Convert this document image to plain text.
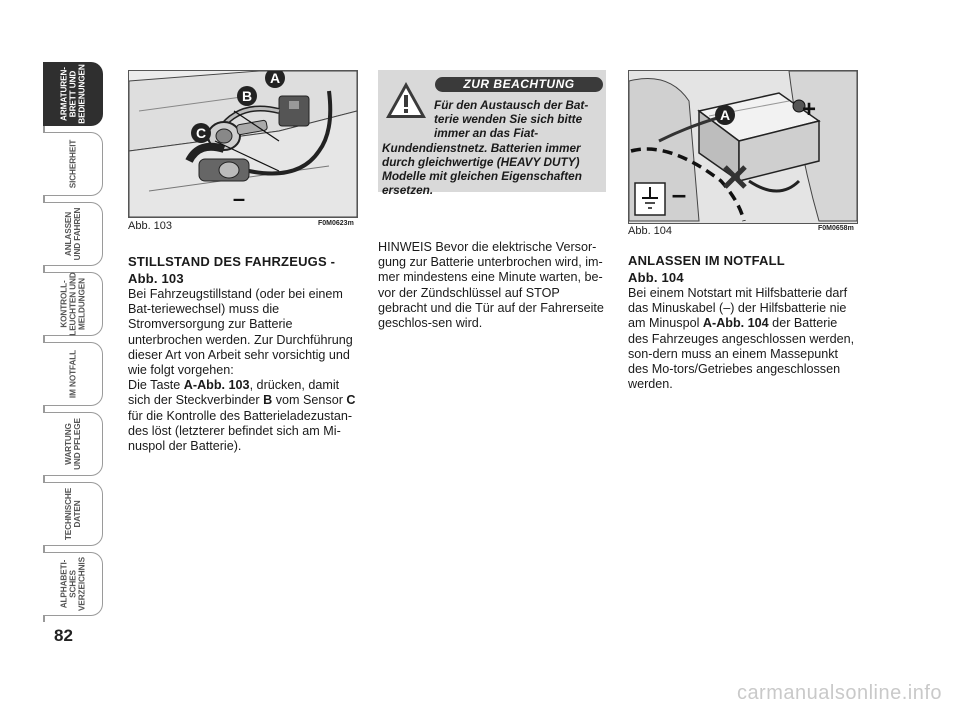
ARMATUREN-
BRETT UND
BEDIENUNGEN
SICHERHEIT
ANLASSEN
UND FAHREN
KONTROLL-
LEUCHTEN UND
MELDUNGEN
IM NOTFALL
WARTUNG
UND PFLEGE
TECHNISCHE
DATEN
ALPHABETI-
SCHES
VERZEICHNIS
82
A
B
C
–
Abb. 103	F0M0623m

STILLSTAND DES FAHRZEUGS -
Abb. 103

Bei Fahrzeugstillstand (oder bei einem Bat-teriewechsel) muss die Stromversorgung zur Batterie unterbrochen werden. Zur Durchführung dieser Art von Arbeit sehr vorsichtig und wie folgt vorgehen:

Die Taste A-Abb. 103, drücken, damit sich der Steckverbinder B vom Sensor C für die Kontrolle des Batterieladezustan-des löst (letzterer befindet sich am Mi-nuspol der Batterie).

ZUR BEACHTUNG
Für den Austausch der Bat-terie wenden Sie sich bitte immer an das Fiat-Kundendienstnetz. Batterien immer durch gleichwertige (HEAVY DUTY) Modelle mit gleichen Eigenschaften ersetzen.

HINWEIS Bevor die elektrische Versor-gung zur Batterie unterbrochen wird, im-mer mindestens eine Minute warten, be-vor der Zündschlüssel auf STOP gebracht und die Tür auf der Fahrerseite geschlos-sen wird.

A	+
–
Abb. 104	F0M0658m

ANLASSEN IM NOTFALL
Abb. 104

Bei einem Notstart mit Hilfsbatterie darf das Minuskabel (–) der Hilfsbatterie nie am Minuspol A-Abb. 104 der Batterie des Fahrzeuges angeschlossen werden, son-dern muss an einem Massepunkt des Mo-tors/Getriebes angeschlossen werden.

carmanualsonline.info
